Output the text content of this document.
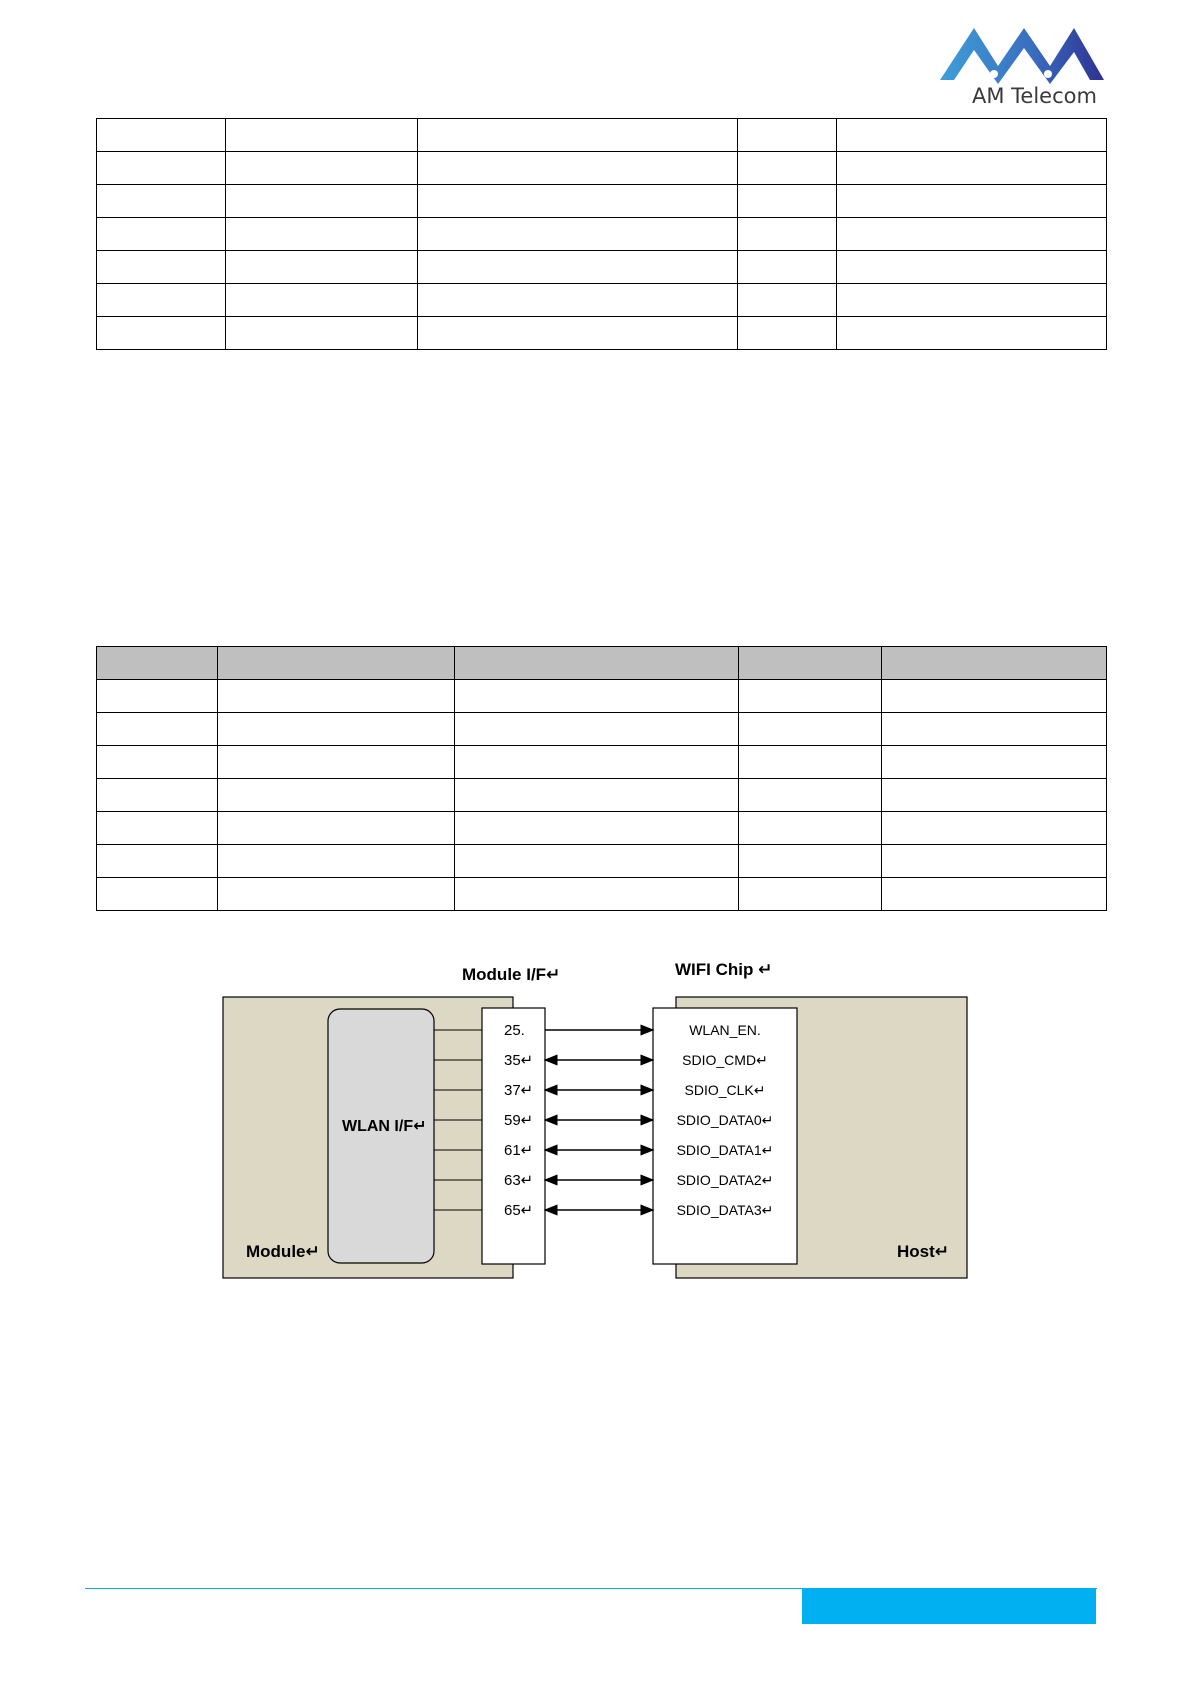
AM Telecom

Module I/F↵	WIFI Chip ↵
WLAN I/F↵
Module↵	Host↵
25.	WLAN_EN.
35↵	SDIO_CMD↵
37↵	SDIO_CLK↵
59↵	SDIO_DATA0↵
61↵	SDIO_DATA1↵
63↵	SDIO_DATA2↵
65↵	SDIO_DATA3↵
